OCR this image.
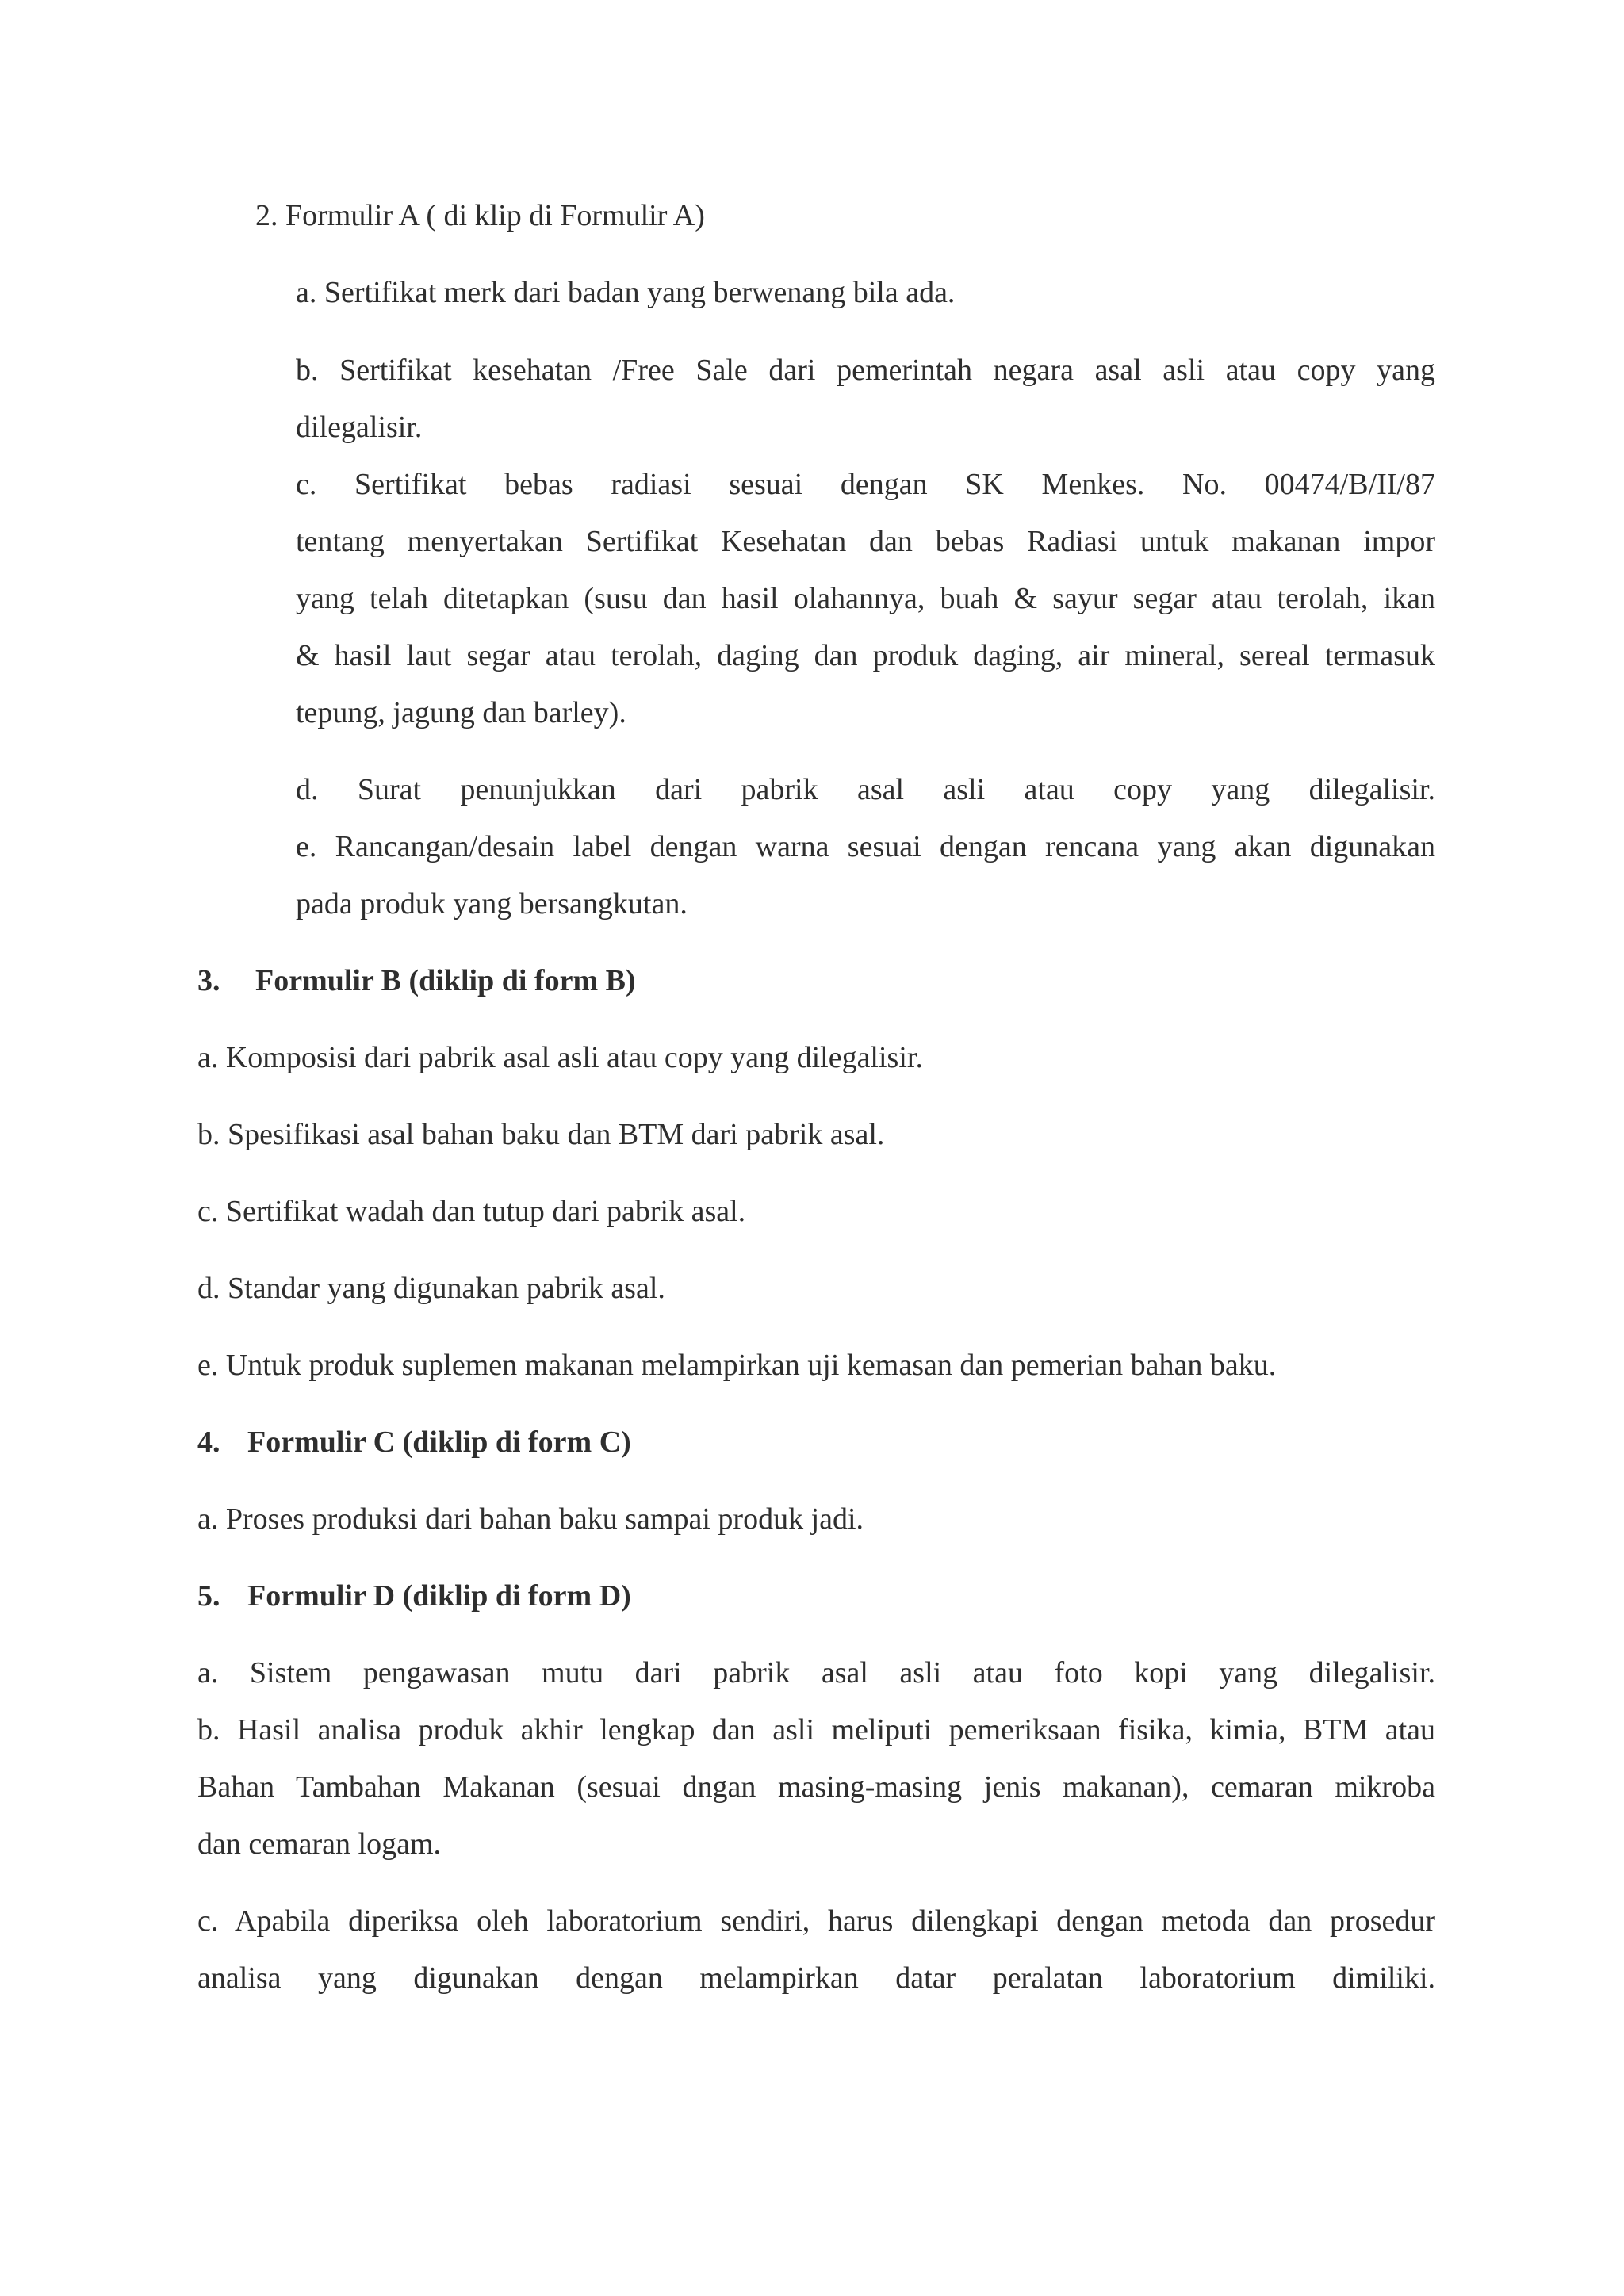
2. Formulir A ( di klip di Formulir A)
a. Sertifikat merk dari badan yang berwenang bila ada.
b. Sertifikat kesehatan /Free Sale dari pemerintah negara asal asli atau copy yang
dilegalisir.
c. Sertifikat bebas radiasi sesuai dengan SK Menkes. No. 00474/B/II/87
tentang menyertakan Sertifikat Kesehatan dan bebas Radiasi untuk makanan impor
yang telah ditetapkan (susu dan hasil olahannya, buah & sayur segar atau terolah, ikan
& hasil laut segar atau terolah, daging dan produk daging, air mineral, sereal termasuk
tepung, jagung dan barley).
d. Surat penunjukkan dari pabrik asal asli atau copy yang dilegalisir.
e. Rancangan/desain label dengan warna sesuai dengan rencana yang akan digunakan
pada produk yang bersangkutan.
3. Formulir B (diklip di form B)
a. Komposisi dari pabrik asal asli atau copy yang dilegalisir.
b. Spesifikasi asal bahan baku dan BTM dari pabrik asal.
c. Sertifikat wadah dan tutup dari pabrik asal.
d. Standar yang digunakan pabrik asal.
e. Untuk produk suplemen makanan melampirkan uji kemasan dan pemerian bahan baku.
4. Formulir C (diklip di form C)
a. Proses produksi dari bahan baku sampai produk jadi.
5. Formulir D (diklip di form D)
a. Sistem pengawasan mutu dari pabrik asal asli atau foto kopi yang dilegalisir.
b. Hasil analisa produk akhir lengkap dan asli meliputi pemeriksaan fisika, kimia, BTM atau
Bahan Tambahan Makanan (sesuai dngan masing-masing jenis makanan), cemaran mikroba
dan cemaran logam.
c. Apabila diperiksa oleh laboratorium sendiri, harus dilengkapi dengan metoda dan prosedur
analisa yang digunakan dengan melampirkan datar peralatan laboratorium dimiliki.
